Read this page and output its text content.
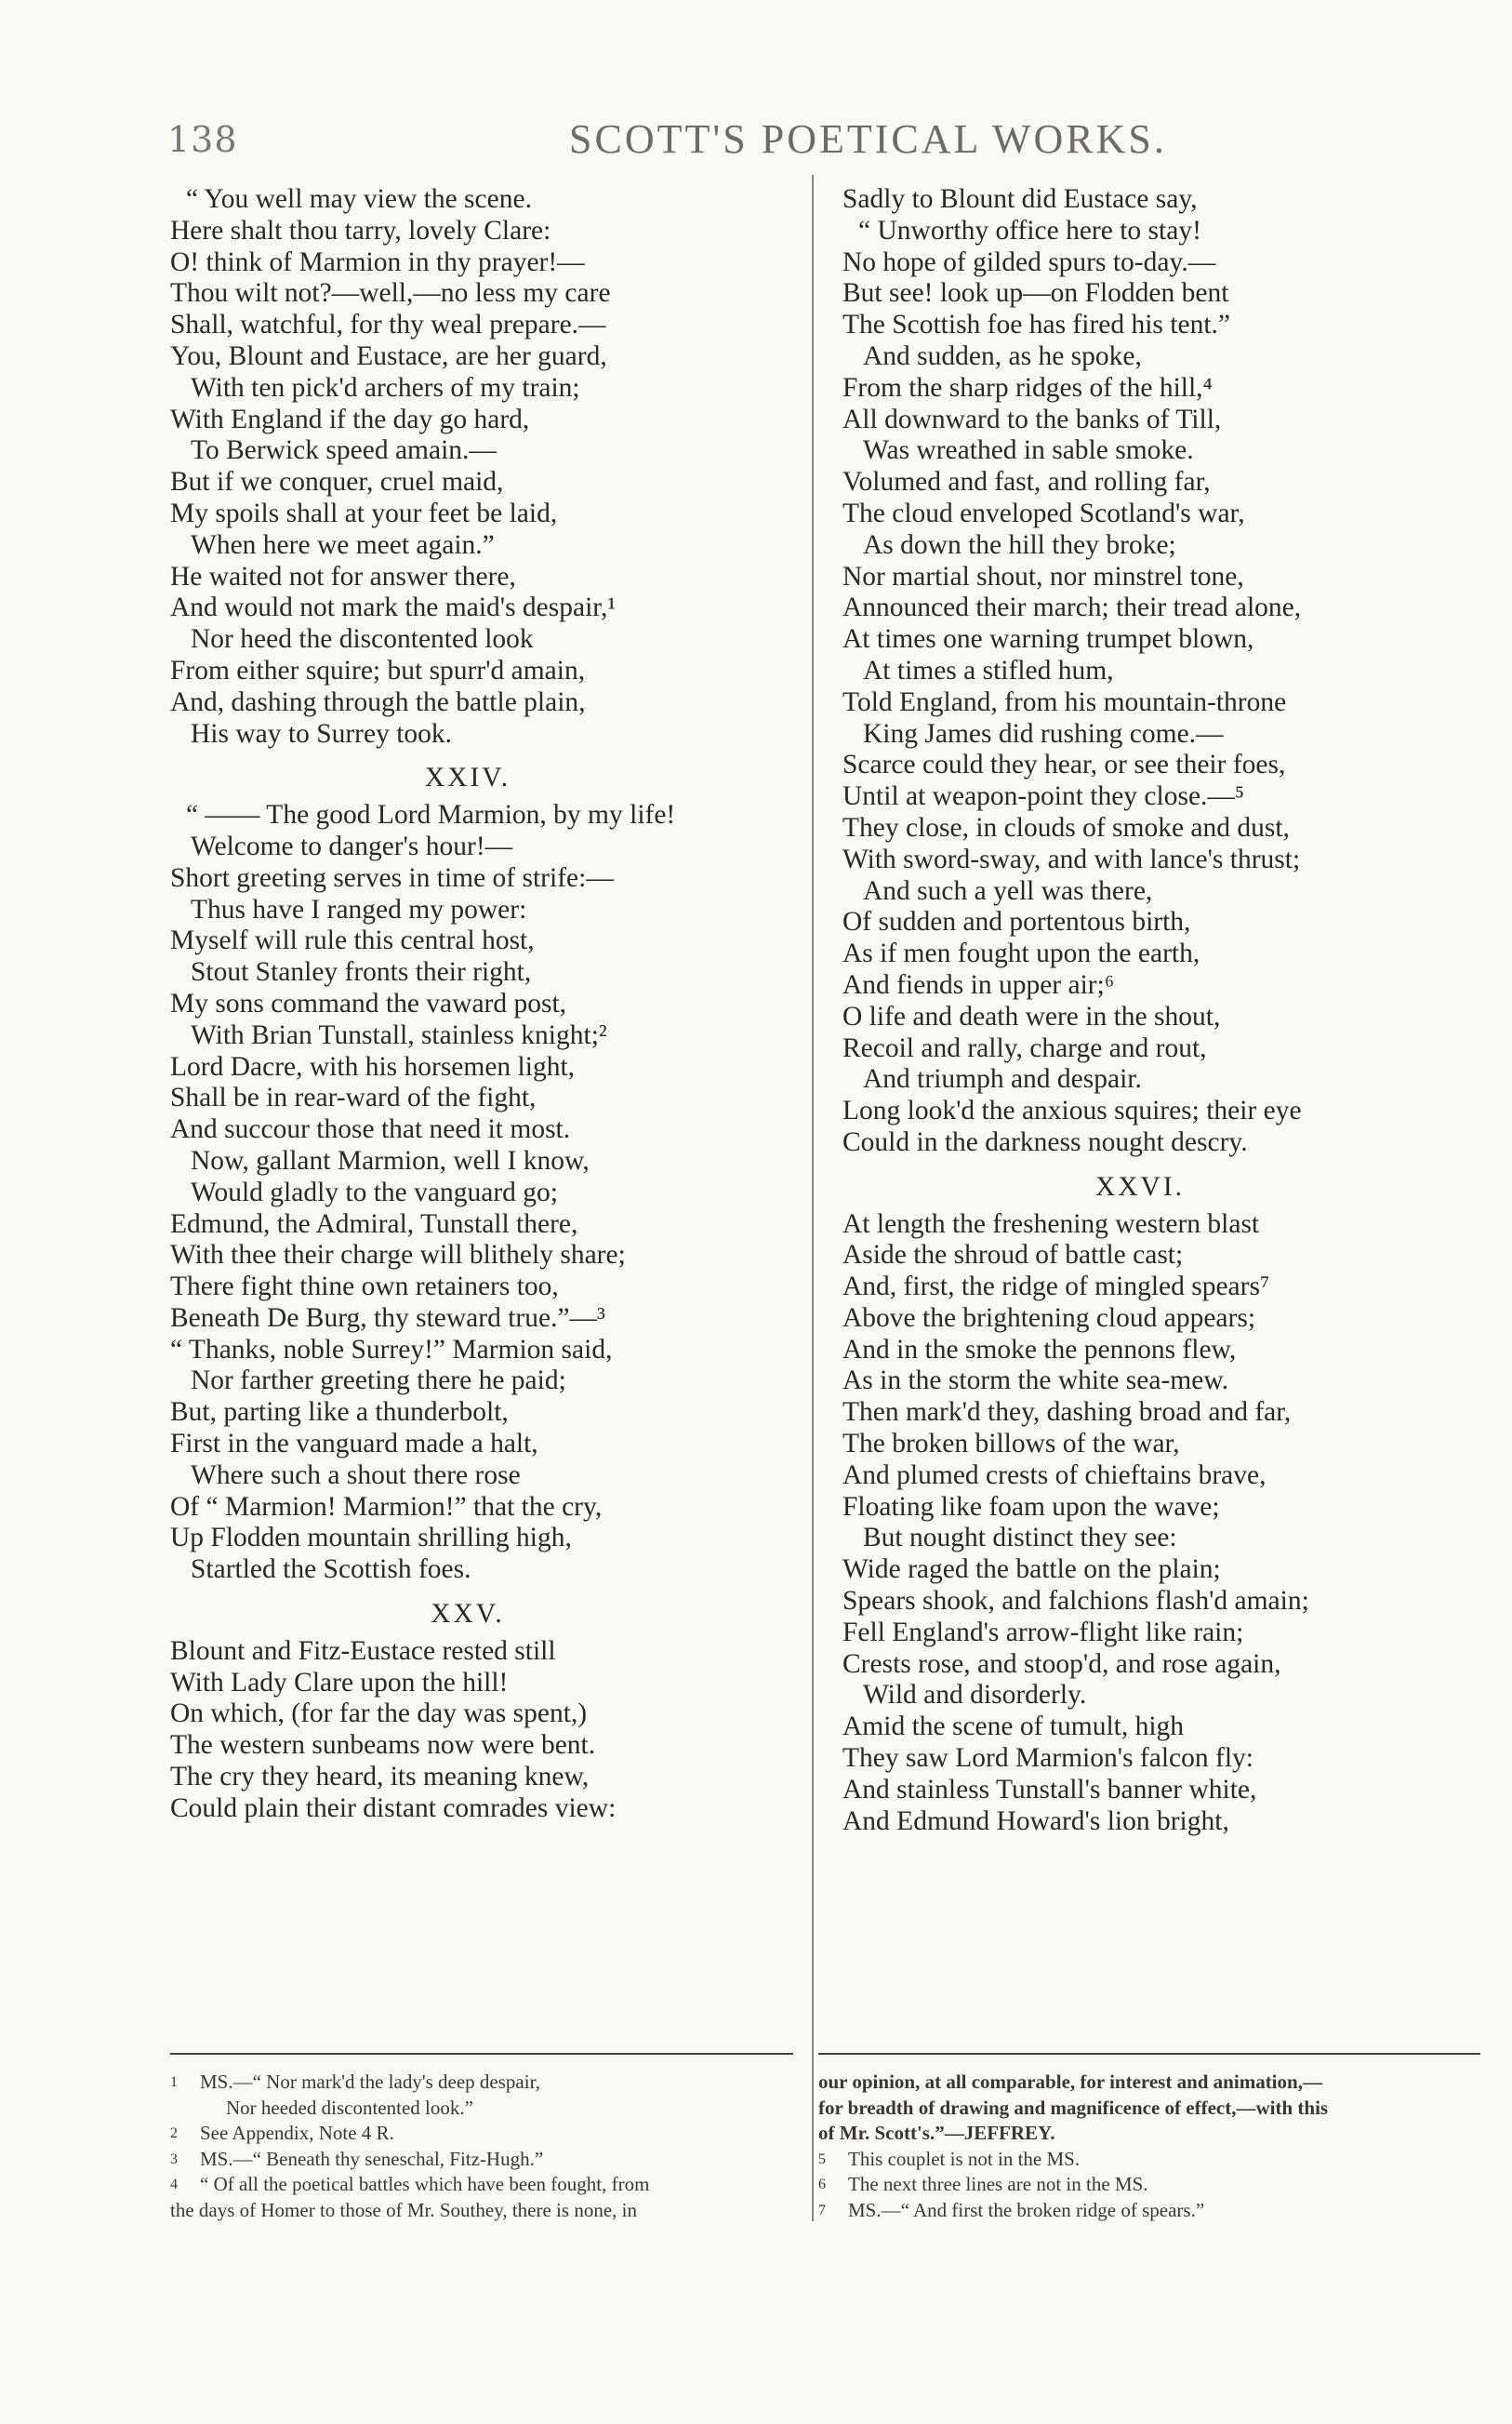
138	SCOTT'S POETICAL WORKS.
“ You well may view the scene.
Here shalt thou tarry, lovely Clare:
O! think of Marmion in thy prayer!—
Thou wilt not?—well,—no less my care
Shall, watchful, for thy weal prepare.—
You, Blount and Eustace, are her guard,
With ten pick'd archers of my train;
With England if the day go hard,
To Berwick speed amain.—
But if we conquer, cruel maid,
My spoils shall at your feet be laid,
When here we meet again.”
He waited not for answer there,
And would not mark the maid's despair,¹
Nor heed the discontented look
From either squire; but spurr'd amain,
And, dashing through the battle plain,
His way to Surrey took.
XXIV.
“ —— The good Lord Marmion, by my life!
Welcome to danger's hour!—
Short greeting serves in time of strife:—
Thus have I ranged my power:
Myself will rule this central host,
Stout Stanley fronts their right,
My sons command the vaward post,
With Brian Tunstall, stainless knight;²
Lord Dacre, with his horsemen light,
Shall be in rear-ward of the fight,
And succour those that need it most.
Now, gallant Marmion, well I know,
Would gladly to the vanguard go;
Edmund, the Admiral, Tunstall there,
With thee their charge will blithely share;
There fight thine own retainers too,
Beneath De Burg, thy steward true.”—³
“ Thanks, noble Surrey!” Marmion said,
Nor farther greeting there he paid;
But, parting like a thunderbolt,
First in the vanguard made a halt,
Where such a shout there rose
Of “ Marmion! Marmion!” that the cry,
Up Flodden mountain shrilling high,
Startled the Scottish foes.
XXV.
Blount and Fitz-Eustace rested still
With Lady Clare upon the hill!
On which, (for far the day was spent,)
The western sunbeams now were bent.
The cry they heard, its meaning knew,
Could plain their distant comrades view:
Sadly to Blount did Eustace say,
“ Unworthy office here to stay!
No hope of gilded spurs to-day.—
But see! look up—on Flodden bent
The Scottish foe has fired his tent.”
And sudden, as he spoke,
From the sharp ridges of the hill,⁴
All downward to the banks of Till,
Was wreathed in sable smoke.
Volumed and fast, and rolling far,
The cloud enveloped Scotland's war,
As down the hill they broke;
Nor martial shout, nor minstrel tone,
Announced their march; their tread alone,
At times one warning trumpet blown,
At times a stifled hum,
Told England, from his mountain-throne
King James did rushing come.—
Scarce could they hear, or see their foes,
Until at weapon-point they close.—⁵
They close, in clouds of smoke and dust,
With sword-sway, and with lance's thrust;
And such a yell was there,
Of sudden and portentous birth,
As if men fought upon the earth,
And fiends in upper air;⁶
O life and death were in the shout,
Recoil and rally, charge and rout,
And triumph and despair.
Long look'd the anxious squires; their eye
Could in the darkness nought descry.
XXVI.
At length the freshening western blast
Aside the shroud of battle cast;
And, first, the ridge of mingled spears⁷
Above the brightening cloud appears;
And in the smoke the pennons flew,
As in the storm the white sea-mew.
Then mark'd they, dashing broad and far,
The broken billows of the war,
And plumed crests of chieftains brave,
Floating like foam upon the wave;
But nought distinct they see:
Wide raged the battle on the plain;
Spears shook, and falchions flash'd amain;
Fell England's arrow-flight like rain;
Crests rose, and stoop'd, and rose again,
Wild and disorderly.
Amid the scene of tumult, high
They saw Lord Marmion's falcon fly:
And stainless Tunstall's banner white,
And Edmund Howard's lion bright,
1 MS.—“ Nor mark'd the lady's deep despair,
Nor heeded discontented look.”
2 See Appendix, Note 4 R.
3 MS.—“ Beneath thy seneschal, Fitz-Hugh.”
4 “ Of all the poetical battles which have been fought, from
the days of Homer to those of Mr. Southey, there is none, in
our opinion, at all comparable, for interest and animation,—
for breadth of drawing and magnificence of effect,—with this
of Mr. Scott's.”—JEFFREY.
5 This couplet is not in the MS.
6 The next three lines are not in the MS.
7 MS.—“ And first the broken ridge of spears.”
